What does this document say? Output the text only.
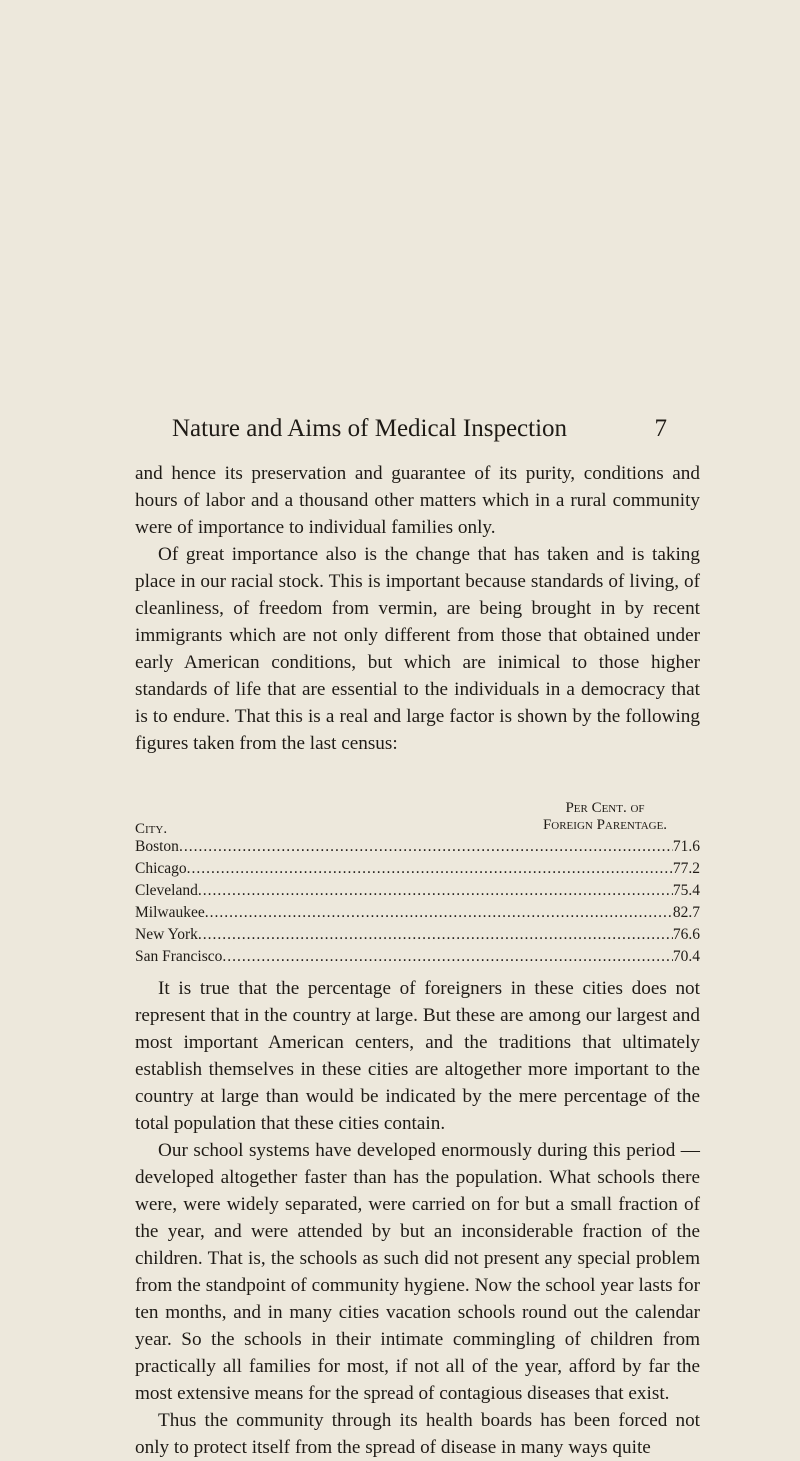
Nature and Aims of Medical Inspection	7

and hence its preservation and guarantee of its purity, conditions and hours of labor and a thousand other matters which in a rural community were of importance to individual families only.

Of great importance also is the change that has taken and is taking place in our racial stock. This is important because standards of living, of cleanliness, of freedom from vermin, are being brought in by recent immigrants which are not only different from those that obtained under early American conditions, but which are inimical to those higher standards of life that are essential to the individuals in a democracy that is to endure. That this is a real and large factor is shown by the following figures taken from the last census:

City.
Per Cent. of
Foreign Parentage.
Boston .....	71.6
Chicago .....	77.2
Cleveland .....	75.4
Milwaukee .....	82.7
New York .....	76.6
San Francisco .....	70.4

It is true that the percentage of foreigners in these cities does not represent that in the country at large. But these are among our largest and most important American centers, and the traditions that ultimately establish themselves in these cities are altogether more important to the country at large than would be indicated by the mere percentage of the total population that these cities contain.

Our school systems have developed enormously during this period —developed altogether faster than has the population. What schools there were, were widely separated, were carried on for but a small fraction of the year, and were attended by but an inconsiderable fraction of the children. That is, the schools as such did not present any special problem from the standpoint of community hygiene. Now the school year lasts for ten months, and in many cities vacation schools round out the calendar year. So the schools in their intimate commingling of children from practically all families for most, if not all of the year, afford by far the most extensive means for the spread of contagious diseases that exist.

Thus the community through its health boards has been forced not only to protect itself from the spread of disease in many ways quite
